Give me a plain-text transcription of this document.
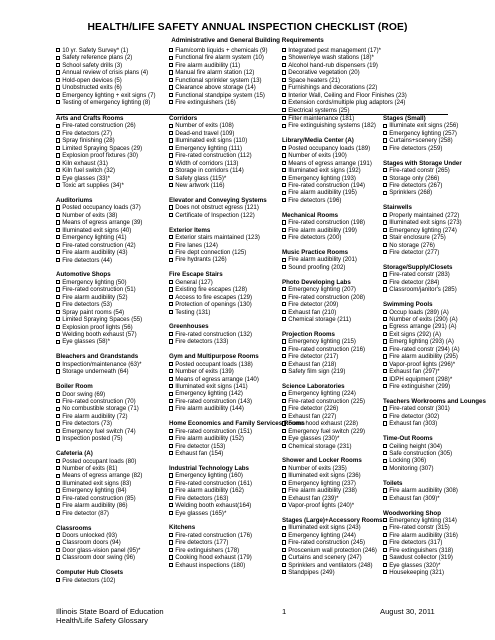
HEALTH/LIFE SAFETY ANNUAL INSPECTION CHECKLIST (ROE)
Administrative and General Building Requirements
10 yr. Safety Survey* (1)
Safety reference plans (2)
School safety drills (3)
Annual review of crisis plans (4)
Hold-open devices (5)
Unobstructed exits (6)
Emergency lighting + exit signs (7)
Testing of emergency lighting (8)
Flam/comb liquids + chemicals (9)
Functional fire alarm system (10)
Fire alarm audibility (11)
Manual fire alarm station (12)
Functional sprinkler system (13)
Clearance above storage (14)
Functional standpipe system (15)
Fire extinguishers (16)
Integrated pest management (17)*
Shower/eye wash stations (18)*
Alcohol hand-rub dispensers (19)
Decorative vegetation (20)
Space heaters (21)
Furnishings and decorations (22)
Interior Wall, Ceiling and Floor Finishes (23)
Extension cords/multiple plug adaptors (24)
Electrical systems (25)
Arts and Crafts Rooms
Fire-rated construction (26)
Fire detectors (27)
Spray finishing (28)
Limited Spraying Spaces (29)
Explosion proof fixtures (30)
Kiln exhaust (31)
Kiln fuel switch (32)
Eye glasses (33)*
Toxic art supplies (34)*
Auditoriums
Posted occupancy loads (37)
Number of exits (38)
Means of egress arrange (39)
Illuminated exit signs (40)
Emergency lighting (41)
Fire-rated construction (42)
Fire alarm audibility (43)
Fire detectors (44)
Automotive Shops
Emergency lighting (50)
Fire-rated construction (51)
Fire alarm audibility (52)
Fire detectors (53)
Spray paint rooms (54)
Limited Spraying Spaces (55)
Explosion proof lights (56)
Welding booth exhaust (57)
Eye glasses (58)*
Bleachers and Grandstands
Inspection/maintenance (63)*
Storage underneath (64)
Boiler Room
Door swing (69)
Fire-rated construction (70)
No combustible storage (71)
Fire alarm audibility (72)
Fire detectors (73)
Emergency fuel switch (74)
Inspection posted (75)
Cafeteria (A)
Posted occupant loads (80)
Number of exits (81)
Means of egress arrange (82)
Illuminated exit signs (83)
Emergency lighting (84)
Fire-rated construction (85)
Fire alarm audibility (86)
Fire detector (87)
Classrooms
Doors unlocked (93)
Classroom doors (94)
Door glass-vision panel (95)*
Classroom door swing (96)
Computer Hub Closets
Fire detectors (102)
Corridors
Number of exits (108)
Dead-end travel (109)
Illuminated exit signs (110)
Emergency lighting (111)
Fire-rated construction (112)
Width of corridors (113)
Storage in corridors (114)
Safety glass (115)*
New artwork (116)
Elevator and Conveying Systems
Does not obstruct egress (121)
Certificate of Inspection (122)
Exterior Items
Exterior stairs maintained (123)
Fire lanes (124)
Fire dept connection (125)
Fire hydrants (126)
Fire Escape Stairs
General (127)
Existing fire escapes (128)
Access to fire escapes (129)
Protection of openings (130)
Testing (131)
Greenhouses
Fire-rated construction (132)
Fire detectors (133)
Gym and Multipurpose Rooms
Posted occupant loads (138)
Number of exits (139)
Means of egress arrange (140)
Illuminated exit signs (141)
Emergency lighting (142)
Fire-rated construction (143)
Fire alarm audibility (144)
Home Economics and Family Services Rooms
Fire-rated construction (151)
Fire alarm audibility (152)
Fire detector (153)
Exhaust fan (154)
Industrial Technology Labs
Emergency lighting (160)
Fire-rated construction (161)
Fire alarm audibility (162)
Fire detectors (163)
Welding booth exhaust(164)
Eye glasses (165)*
Kitchens
Fire-rated construction (176)
Fire detectors (177)
Fire extinguishers (178)
Cooking hood exhaust (179)
Exhaust inspections (180)
Filter maintenance (181)
Fire extinguishing systems (182)
Library/Media Center (A)
Posted occupancy loads (189)
Number of exits (190)
Means of egress arrange (191)
Illuminated exit signs (192)
Emergency lighting (193)
Fire-rated construction (194)
Fire alarm audibility (195)
Fire detectors (196)
Mechanical Rooms
Fire-rated construction (198)
Fire alarm audibility (199)
Fire detectors (200)
Music Practice Rooms
Fire alarm audibility (201)
Sound proofing (202)
Photo Developing Labs
Emergency lighting (207)
Fire-rated construction (208)
Fire detector (209)
Exhaust fan (210)
Chemical storage (211)
Projection Rooms
Emergency lighting (215)
Fire-rated construction (216)
Fire detector (217)
Exhaust fan (218)
Safety film sign (219)
Science Laboratories
Emergency lighting (224)
Fire-rated construction (225)
Fire detector (226)
Exhaust fan (227)
Fume hood exhaust (228)
Emergency fuel switch (229)
Eye glasses (230)*
Chemical storage (231)
Shower and Locker Rooms
Number of exits (235)
Illuminated exit signs (236)
Emergency lighting (237)
Fire alarm audibility (238)
Exhaust fan (239)*
Vapor-proof lights (240)*
Stages (Large)+Accessory Rooms
Illuminated exit signs (243)
Emergency lighting (244)
Fire-rated construction (245)
Proscenium wall protection (246)
Curtains and scenery (247)
Sprinklers and ventilators (248)
Standpipes (249)
Stages (Small)
Illuminate exit signs (256)
Emergency lighting (257)
Curtains+scenery (258)
Fire detectors (259)
Stages with Storage Under
Fire-rated constr (265)
Storage only (266)
Fire detectors (267)
Sprinklers (268)
Stairwells
Properly maintained (272)
Illuminated exit signs (273)
Emergency lighting (274)
Stair enclosure (275)
No storage (276)
Fire detector (277)
Storage/Supply/Closets
Fire-rated constr (283)
Fire detector (284)
Classroom/janitor's (285)
Swimming Pools
Occup loads (289) (A)
Number of exits (290) (A)
Egress arrange (291) (A)
Exit signs (292) (A)
Emerg lighting (293) (A)
Fire-rated constr (294) (A)
Fire alarm audibility (295)
Vapor-proof lights (296)*
Exhaust fan (297)*
IDPH equipment (298)*
Fire extinguisher (299)
Teachers Workrooms and Lounges
Fire-rated constr (301)
Fire detector (302)
Exhaust fan (303)
Time-Out Rooms
Ceiling height (304)
Safe construction (305)
Locking (306)
Monitoring (307)
Toilets
Fire alarm audibility (308)
Exhaust fan (309)*
Woodworking Shop
Emergency lighting (314)
Fire-rated constr (315)
Fire alarm audibility (316)
Fire detectors (317)
Fire extinguishers (318)
Sawdust collector (319)
Eye glasses (320)*
Housekeeping (321)
Illinois State Board of Education
Health/Life Safety Glossary
1	August 30, 2011
